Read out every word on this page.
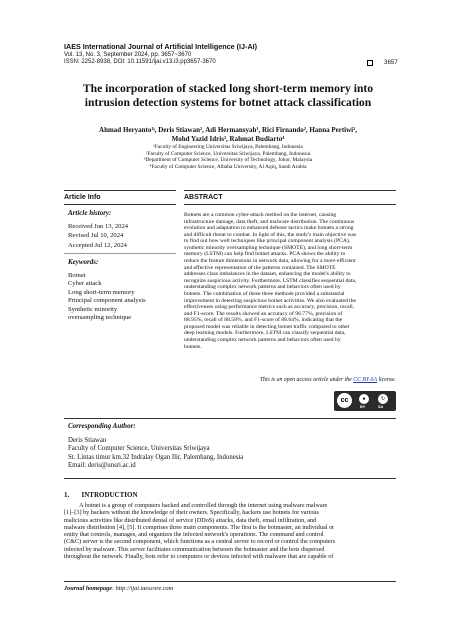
IAES International Journal of Artificial Intelligence (IJ-AI)
Vol. 13, No. 3, September 2024, pp. 3657~3670
ISSN: 2252-8938, DOI: 10.11591/ijai.v13.i3.pp3657-3670	3657
The incorporation of stacked long short-term memory into
intrusion detection systems for botnet attack classification
Ahmad Heryanto¹ʲ, Deris Stiawan², Adi Hermansyah¹, Rici Firnando², Hanna Pertiwi²,
Mohd Yazid Idris³, Rahmat Budiarto⁴
¹Faculty of Engineering Universitas Sriwijaya, Palembang, Indonesia
²Faculty of Computer Science, Universitas Sriwijaya, Palembang, Indonesia
³Department of Computer Science, University of Technology, Johor, Malaysia
⁴Faculty of Computer Science, Albaha University, Al Aqiq, Saudi Arabia
Article Info	ABSTRACT
Article history:
Received Jun 13, 2024
Revised Jul 10, 2024
Accepted Jul 12, 2024
Keywords:
Botnet
Cyber attack
Long short-term memory
Principal component analysis
Synthetic minority
oversampling technique
Botnets are a common cyber-attack method on the internet, causing
infrastructure damage, data theft, and malware distribution. The continuous
evolution and adaptation to enhanced defense tactics make botnets a strong
and difficult threat to combat. In light of this, the study's main objective was
to find out how well techniques like principal component analysis (PCA),
synthetic minority oversampling technique (SMOTE), and long short-term
memory (LSTM) can help find botnet attacks. PCA shows the ability to
reduce the feature dimensions in network data, allowing for a more efficient
and effective representation of the patterns contained. The SMOTE
addresses class imbalances in the dataset, enhancing the model's ability to
recognize suspicious activity. Furthermore, LSTM classifies sequential data,
understanding complex network patterns and behaviors often used by
botnets. The combination of these three methods provided a substantial
improvement in detecting suspicious botnet activities. We also evaluated the
effectiveness using performance metrics such as accuracy, precision, recall,
and F1-score. The results showed an accuracy of 96.77%, precision of
88.95%, recall of 88.58%, and F1-score of 88.64%, indicating that the
proposed model was reliable in detecting botnet traffic compared to other
deep learning models. Furthermore, LSTM can classify sequential data,
understanding complex network patterns and behaviors often used by
botnets.
This is an open access article under the CC BY-SA license.
cc	●	↻
BY	SA
Corresponding Author:
Deris Stiawan
Faculty of Computer Science, Universitas Sriwijaya
St. Lintas timur km.32 Indralay Ogan Ilir, Palembang, Indonesia
Email: deris@unsri.ac.id
1.       INTRODUCTION
A botnet is a group of computers hacked and controlled through the internet using malware malware
[1]–[3] by hackers without the knowledge of their owners. Specifically, hackers use botnets for various
malicious activities like distributed denial of service (DDoS) attacks, data theft, email infiltration, and
malware distribution [4], [5]. It comprises three main components. The first is the botmaster, an individual or
entity that controls, manages, and organizes the infected network's operations. The command and control
(C&C) server is the second component, which functions as a central server to record or control the computers
infected by malware. This server facilitates communication between the botmaster and the bots dispersed
throughout the network. Finally, bots refer to computers or devices infected with malware that are capable of
Journal homepage: http://ijai.iaescore.com
